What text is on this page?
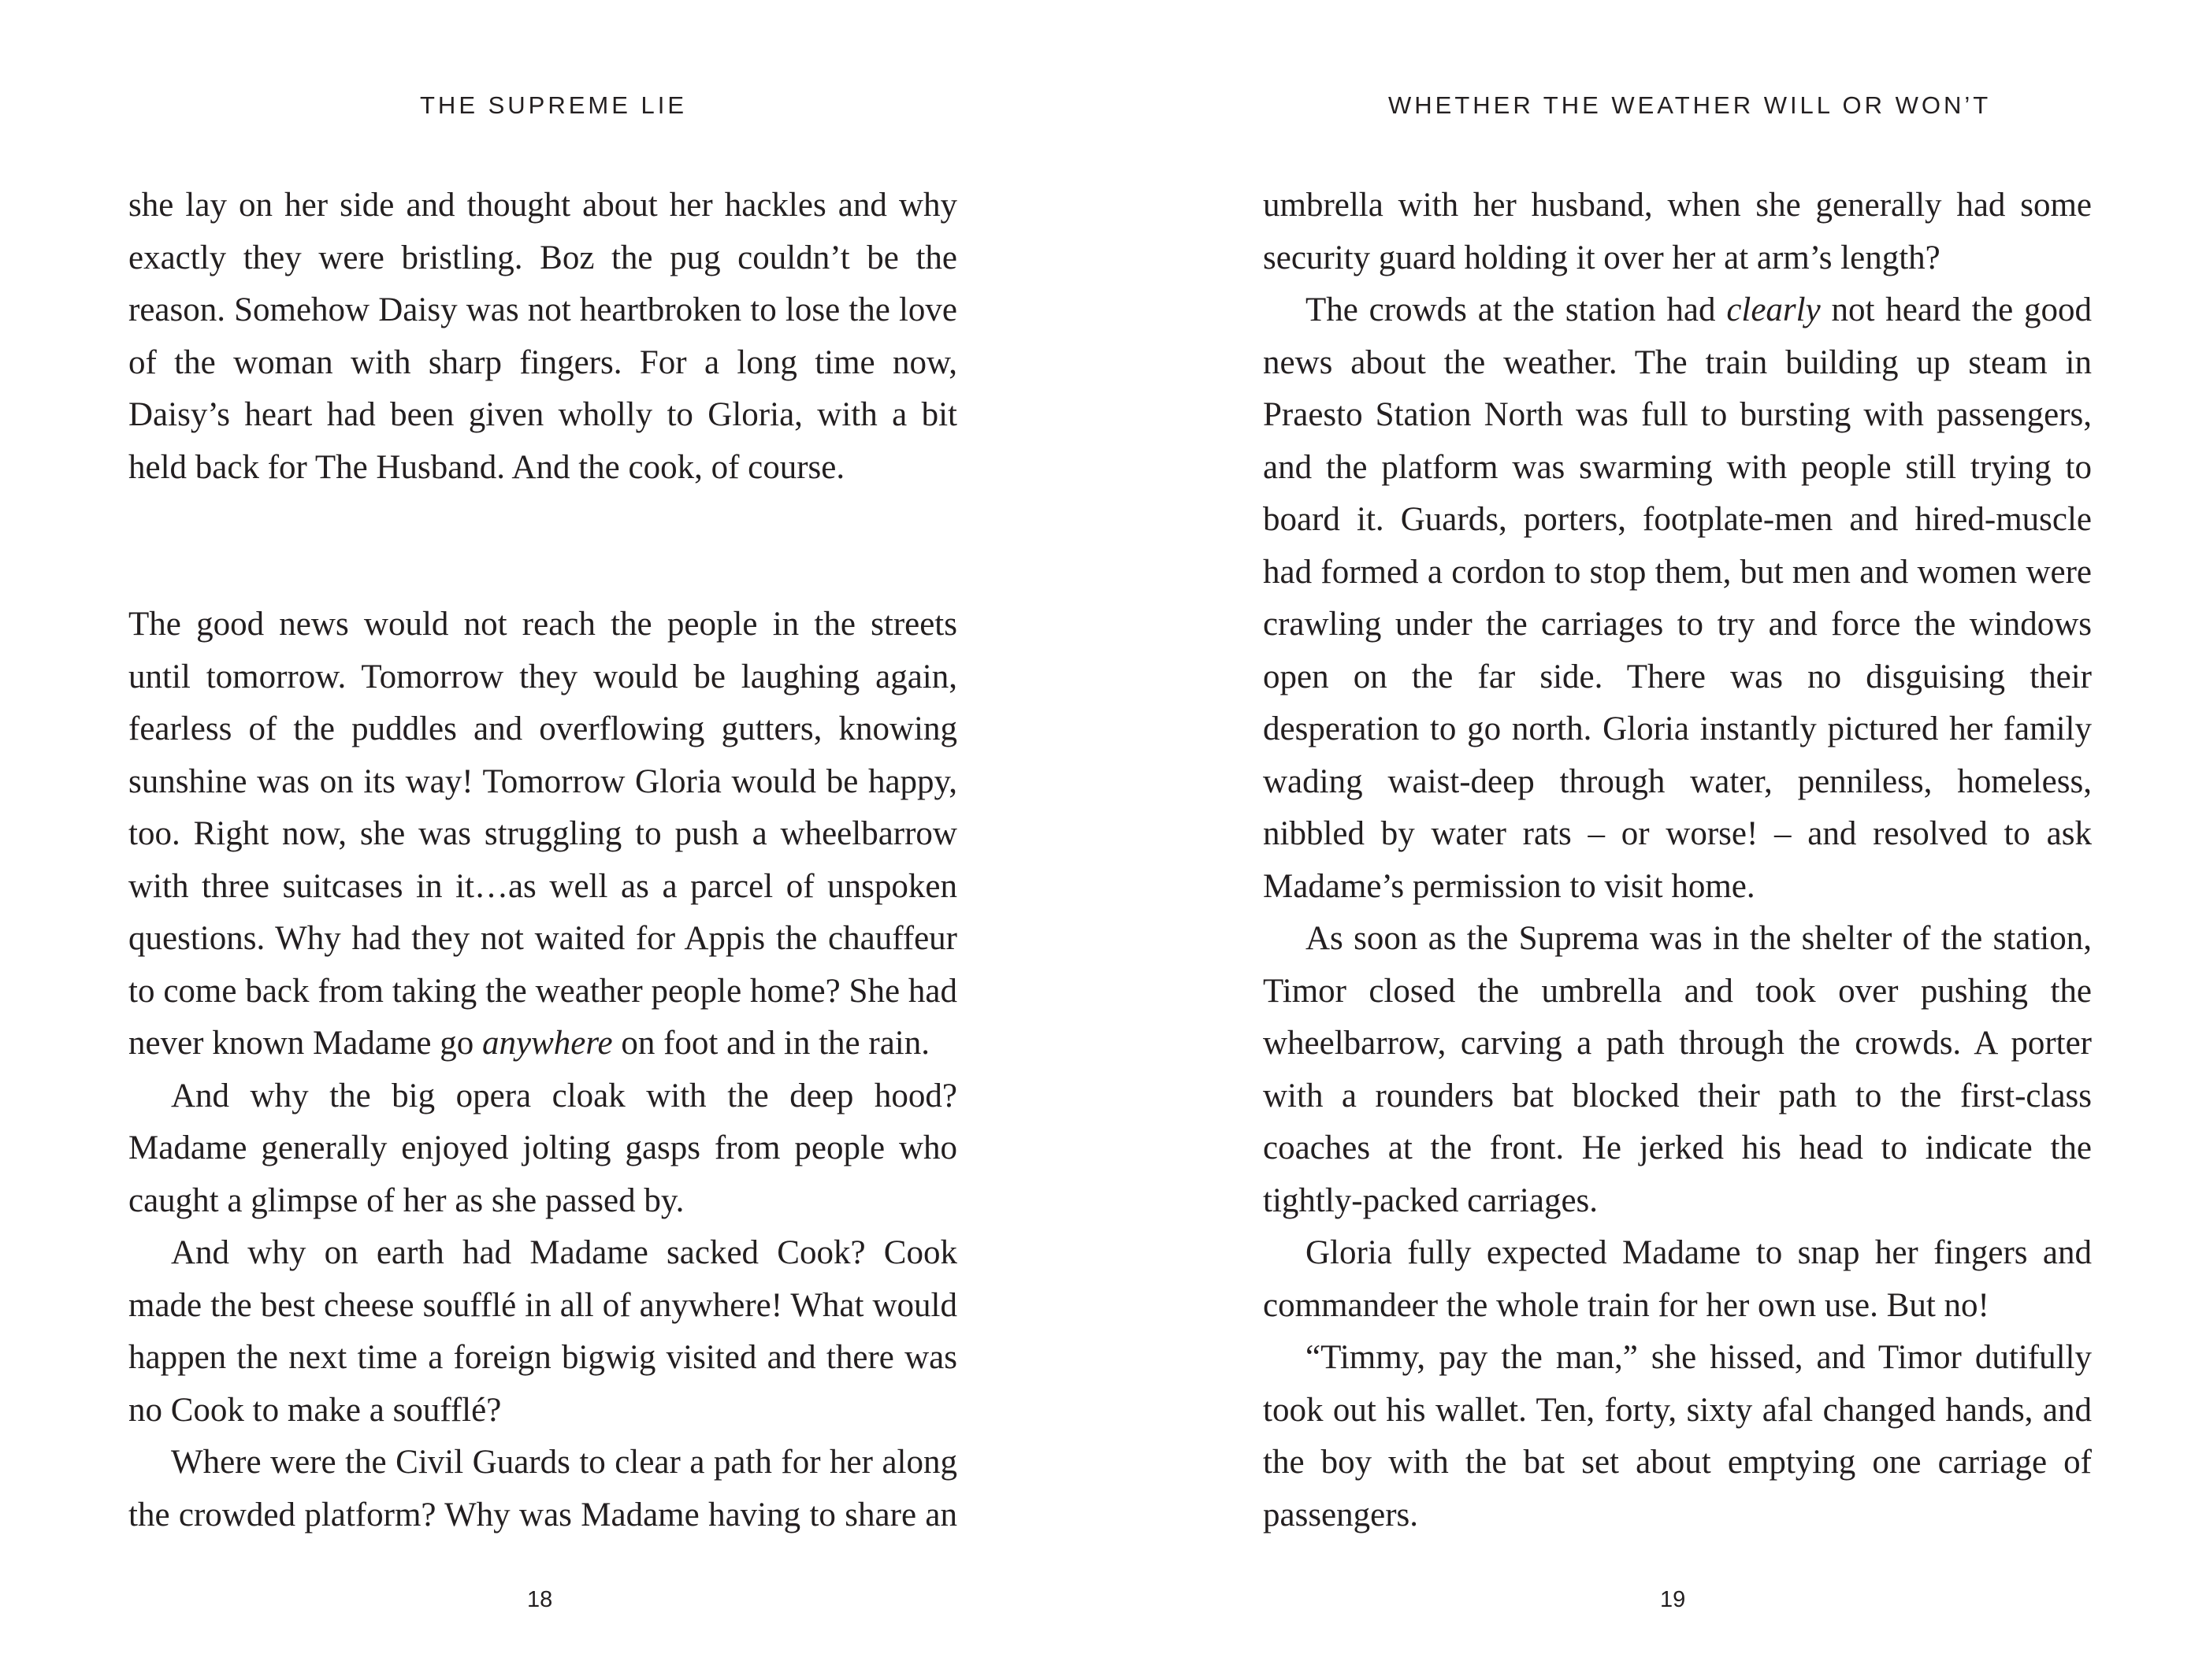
THE SUPREME LIE

she lay on her side and thought about her hackles and why exactly they were bristling. Boz the pug couldn’t be the reason. Somehow Daisy was not heartbroken to lose the love of the woman with sharp fingers. For a long time now, Daisy’s heart had been given wholly to Gloria, with a bit held back for The Husband. And the cook, of course.

The good news would not reach the people in the streets until tomorrow. Tomorrow they would be laughing again, fearless of the puddles and overflowing gutters, knowing sunshine was on its way! Tomorrow Gloria would be happy, too. Right now, she was struggling to push a wheelbarrow with three suitcases in it…as well as a parcel of unspoken questions. Why had they not waited for Appis the chauffeur to come back from taking the weather people home? She had never known Madame go anywhere on foot and in the rain.

And why the big opera cloak with the deep hood? Madame generally enjoyed jolting gasps from people who caught a glimpse of her as she passed by.

And why on earth had Madame sacked Cook? Cook made the best cheese soufflé in all of anywhere! What would happen the next time a foreign bigwig visited and there was no Cook to make a soufflé?

Where were the Civil Guards to clear a path for her along the crowded platform? Why was Madame having to share an

18
WHETHER THE WEATHER WILL OR WON’T

umbrella with her husband, when she generally had some security guard holding it over her at arm’s length?

The crowds at the station had clearly not heard the good news about the weather. The train building up steam in Praesto Station North was full to bursting with passengers, and the platform was swarming with people still trying to board it. Guards, porters, footplate-men and hired-muscle had formed a cordon to stop them, but men and women were crawling under the carriages to try and force the windows open on the far side. There was no disguising their desperation to go north. Gloria instantly pictured her family wading waist-deep through water, penniless, homeless, nibbled by water rats – or worse! – and resolved to ask Madame’s permission to visit home.

As soon as the Suprema was in the shelter of the station, Timor closed the umbrella and took over pushing the wheelbarrow, carving a path through the crowds. A porter with a rounders bat blocked their path to the first-class coaches at the front. He jerked his head to indicate the tightly-packed carriages.

Gloria fully expected Madame to snap her fingers and commandeer the whole train for her own use. But no!

“Timmy, pay the man,” she hissed, and Timor dutifully took out his wallet. Ten, forty, sixty afal changed hands, and the boy with the bat set about emptying one carriage of passengers.

19
